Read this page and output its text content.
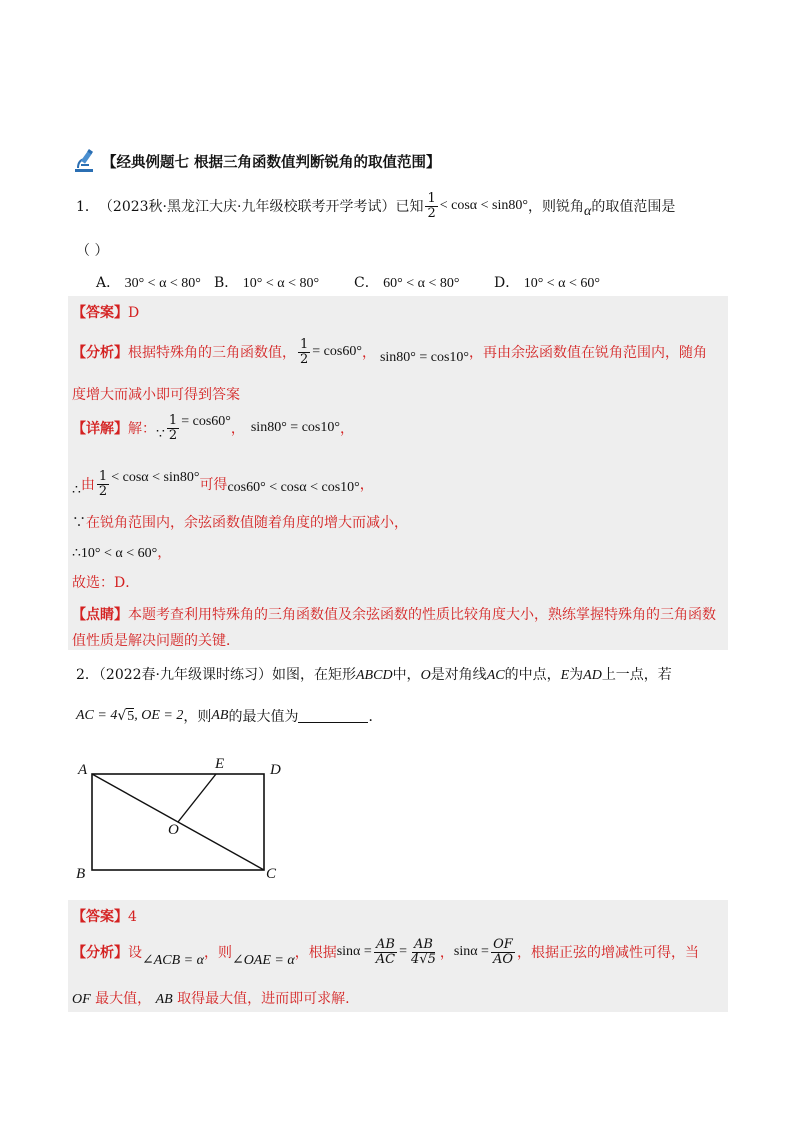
【经典例题七 根据三角函数值判断锐角的取值范围】
1． （2023秋·黑龙江大庆·九年级校联考开学考试）已知 $\frac{1}{2} < \cos\alpha < \sin 80^\circ$ ，则锐角 α 的取值范围是
（ ）
A． 30° < α < 80° B． 10° < α < 80° C． 60° < α < 80° D． 10° < α < 60°
【答案】D
【分析】 根据特殊角的三角函数值， $\frac{1}{2} = \cos 60^\circ$ ， sin80° = cos10° ，再由余弦函数值在锐角范围内，随角
度增大而减小即可得到答案
【详解】 解： ∵ $\frac{1}{2} = \cos 60^\circ$ ， sin80° = cos10° ，
∴ 由 $\frac{1}{2} < \cos\alpha < \sin 80^\circ$ 可得 cos60° < cosα < cos10° ，
∵在锐角范围内，余弦函数值随着角度的增大而减小，
∴10° < α < 60°，
故选：D．
【点睛】本题考查利用特殊角的三角函数值及余弦函数的性质比较角度大小，熟练掌握特殊角的三角函数
值性质是解决问题的关键．
2．（2022春·九年级课时练习）如图，在矩形ABCD中，O是对角线AC的中点，E为AD上一点，若
AC = 4 √ 5 , OE = 2 ，则 AB 的最大值为	．
A	D
E
O
B	C
【答案】4
【分析】 设 ∠ACB = α ，则 ∠OAE = α ，根据 $\sin\alpha = \frac{AB}{AC} = \frac{AB}{4√5}$ ， $\sin\alpha = \frac{OF}{AO}$ ，根据正弦的增减性可得，当
OF 最大值， AB 取得最大值，进而即可求解.
